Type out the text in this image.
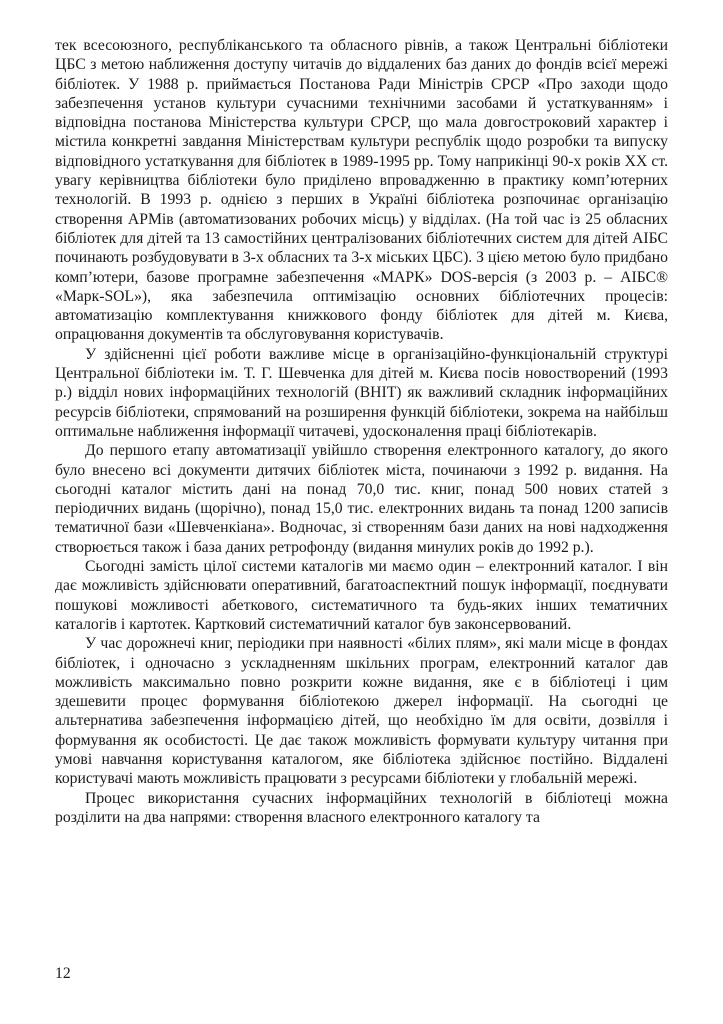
тек всесоюзного, республіканського та обласного рівнів, а також Центральні бібліотеки ЦБС з метою наближення доступу читачів до віддалених баз даних до фондів всієї мережі бібліотек. У 1988 р. приймається Постанова Ради Міністрів СРСР «Про заходи щодо забезпечення установ культури сучасними технічними засобами й устаткуванням» і відповідна постанова Міністерства культури СРСР, що мала довгостроковий характер і містила конкретні завдання Міністерствам культури республік щодо розробки та випуску відповідного устаткування для бібліотек в 1989-1995 рр. Тому наприкінці 90-х років XX ст. увагу керівництва бібліотеки було приділено впровадженню в практику комп’ютерних технологій. В 1993 р. однією з перших в Україні бібліотека розпочинає організацію створення АРМів (автоматизованих робочих місць) у відділах. (На той час із 25 обласних бібліотек для дітей та 13 самостійних централізованих бібліотечних систем для дітей АІБС починають розбудовувати в 3-х обласних та 3-х міських ЦБС). З цією метою було придбано комп’ютери, базове програмне забезпечення «МАРК» DOS-версія (з 2003 р. – АІБС® «Марк-SOL»), яка забезпечила оптимізацію основних бібліотечних процесів: автоматизацію комплектування книжкового фонду бібліотек для дітей м. Києва, опрацювання документів та обслуговування користувачів.

У здійсненні цієї роботи важливе місце в організаційно-функціональній структурі Центральної бібліотеки ім. Т. Г. Шевченка для дітей м. Києва посів новостворений (1993 р.) відділ нових інформаційних технологій (ВНІТ) як важливий складник інформаційних ресурсів бібліотеки, спрямований на розширення функцій бібліотеки, зокрема на найбільш оптимальне наближення інформації читачеві, удосконалення праці бібліотекарів.

До першого етапу автоматизації увійшло створення електронного каталогу, до якого було внесено всі документи дитячих бібліотек міста, починаючи з 1992 р. видання. На сьогодні каталог містить дані на понад 70,0 тис. книг, понад 500 нових статей з періодичних видань (щорічно), понад 15,0 тис. електронних видань та понад 1200 записів тематичної бази «Шевченкіана». Водночас, зі створенням бази даних на нові надходження створюється також і база даних ретрофонду (видання минулих років до 1992 р.).

Сьогодні замість цілої системи каталогів ми маємо один – електронний каталог. І він дає можливість здійснювати оперативний, багатоаспектний пошук інформації, поєднувати пошукові можливості абеткового, систематичного та будь-яких інших тематичних каталогів і картотек. Картковий систематичний каталог був законсервований.

У час дорожнечі книг, періодики при наявності «білих плям», які мали місце в фондах бібліотек, і одночасно з ускладненням шкільних програм, електронний каталог дав можливість максимально повно розкрити кожне видання, яке є в бібліотеці і цим здешевити процес формування бібліотекою джерел інформації. На сьогодні це альтернатива забезпечення інформацією дітей, що необхідно їм для освіти, дозвілля і формування як особистості. Це дає також можливість формувати культуру читання при умові навчання користування каталогом, яке бібліотека здійснює постійно. Віддалені користувачі мають можливість працювати з ресурсами бібліотеки у глобальній мережі.

Процес використання сучасних інформаційних технологій в бібліотеці можна розділити на два напрями: створення власного електронного каталогу та

12
